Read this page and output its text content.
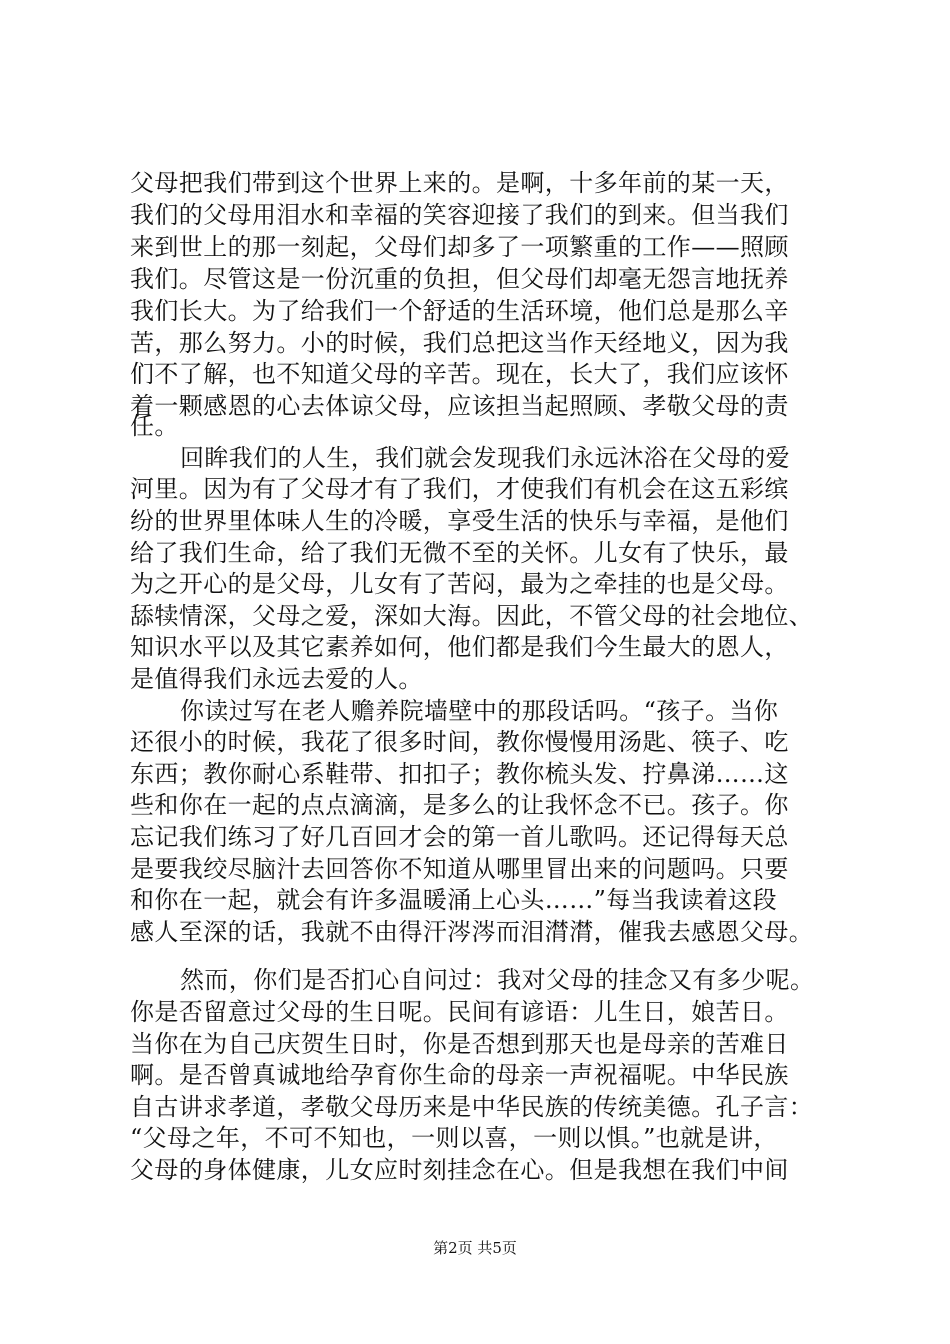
父母把我们带到这个世界上来的。是啊，十多年前的某一天，
我们的父母用泪水和幸福的笑容迎接了我们的到来。但当我们
来到世上的那一刻起，父母们却多了一项繁重的工作——照顾
我们。尽管这是一份沉重的负担，但父母们却毫无怨言地抚养
我们长大。为了给我们一个舒适的生活环境，他们总是那么辛
苦，那么努力。小的时候，我们总把这当作天经地义，因为我
们不了解，也不知道父母的辛苦。现在，长大了，我们应该怀
着一颗感恩的心去体谅父母，应该担当起照顾、孝敬父母的责
任。
回眸我们的人生，我们就会发现我们永远沐浴在父母的爱
河里。因为有了父母才有了我们，才使我们有机会在这五彩缤
纷的世界里体味人生的冷暖，享受生活的快乐与幸福，是他们
给了我们生命，给了我们无微不至的关怀。儿女有了快乐，最
为之开心的是父母，儿女有了苦闷，最为之牵挂的也是父母。
舔犊情深，父母之爱，深如大海。因此，不管父母的社会地位、
知识水平以及其它素养如何，他们都是我们今生最大的恩人，
是值得我们永远去爱的人。
你读过写在老人赡养院墙壁中的那段话吗。“孩子。当你
还很小的时候，我花了很多时间，教你慢慢用汤匙、筷子、吃
东西；教你耐心系鞋带、扣扣子；教你梳头发、拧鼻涕……这
些和你在一起的点点滴滴，是多么的让我怀念不已。孩子。你
忘记我们练习了好几百回才会的第一首儿歌吗。还记得每天总
是要我绞尽脑汁去回答你不知道从哪里冒出来的问题吗。只要
和你在一起，就会有许多温暖涌上心头……”每当我读着这段
感人至深的话，我就不由得汗涔涔而泪潸潸，催我去感恩父母。
然而，你们是否扪心自问过：我对父母的挂念又有多少呢。
你是否留意过父母的生日呢。民间有谚语：儿生日，娘苦日。
当你在为自己庆贺生日时，你是否想到那天也是母亲的苦难日
啊。是否曾真诚地给孕育你生命的母亲一声祝福呢。中华民族
自古讲求孝道，孝敬父母历来是中华民族的传统美德。孔子言：
“父母之年，不可不知也，一则以喜，一则以惧。”也就是讲，
父母的身体健康，儿女应时刻挂念在心。但是我想在我们中间
第2页 共5页
